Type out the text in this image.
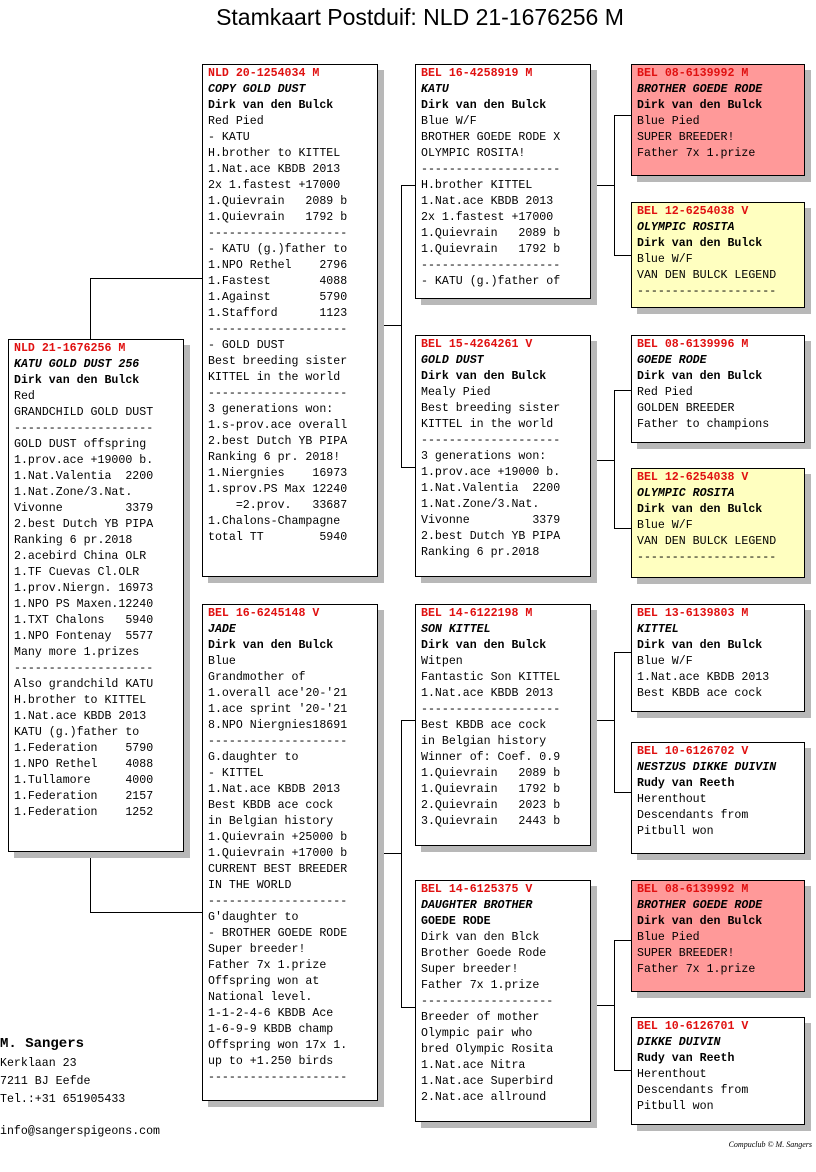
Stamkaart Postduif: NLD 21-1676256 M
NLD 21-1676256 M
KATU GOLD DUST 256
Dirk van den Bulck
Red
GRANDCHILD GOLD DUST
--------------------
GOLD DUST offspring
1.prov.ace +19000 b.
1.Nat.Valentia  2200
1.Nat.Zone/3.Nat.
Vivonne         3379
2.best Dutch YB PIPA
Ranking 6 pr.2018
2.acebird China OLR
1.TF Cuevas Cl.OLR
1.prov.Niergn. 16973
1.NPO PS Maxen.12240
1.TXT Chalons   5940
1.NPO Fontenay  5577
Many more 1.prizes
--------------------
Also grandchild KATU
H.brother to KITTEL
1.Nat.ace KBDB 2013
KATU (g.)father to
1.Federation    5790
1.NPO Rethel    4088
1.Tullamore     4000
1.Federation    2157
1.Federation    1252
NLD 20-1254034 M
COPY GOLD DUST
Dirk van den Bulck
Red Pied
- KATU
H.brother to KITTEL
1.Nat.ace KBDB 2013
2x 1.fastest +17000
1.Quievrain   2089 b
1.Quievrain   1792 b
--------------------
- KATU (g.)father to
1.NPO Rethel    2796
1.Fastest       4088
1.Against       5790
1.Stafford      1123
--------------------
- GOLD DUST
Best breeding sister
KITTEL in the world
--------------------
3 generations won:
1.s-prov.ace overall
2.best Dutch YB PIPA
Ranking 6 pr. 2018!
1.Niergnies    16973
1.sprov.PS Max 12240
=2.prov.   33687
1.Chalons-Champagne
total TT        5940
BEL 16-6245148 V
JADE
Dirk van den Bulck
Blue
Grandmother of
1.overall ace'20-'21
1.ace sprint '20-'21
8.NPO Niergnies18691
--------------------
G.daughter to
- KITTEL
1.Nat.ace KBDB 2013
Best KBDB ace cock
in Belgian history
1.Quievrain +25000 b
1.Quievrain +17000 b
CURRENT BEST BREEDER
IN THE WORLD
--------------------
G'daughter to
- BROTHER GOEDE RODE
Super breeder!
Father 7x 1.prize
Offspring won at
National level.
1-1-2-4-6 KBDB Ace
1-6-9-9 KBDB champ
Offspring won 17x 1.
up to +1.250 birds
--------------------
BEL 16-4258919 M
KATU
Dirk van den Bulck
Blue W/F
BROTHER GOEDE RODE X
OLYMPIC ROSITA!
--------------------
H.brother KITTEL
1.Nat.ace KBDB 2013
2x 1.fastest +17000
1.Quievrain   2089 b
1.Quievrain   1792 b
--------------------
- KATU (g.)father of
BEL 15-4264261 V
GOLD DUST
Dirk van den Bulck
Mealy Pied
Best breeding sister
KITTEL in the world
--------------------
3 generations won:
1.prov.ace +19000 b.
1.Nat.Valentia  2200
1.Nat.Zone/3.Nat.
Vivonne         3379
2.best Dutch YB PIPA
Ranking 6 pr.2018
BEL 14-6122198 M
SON KITTEL
Dirk van den Bulck
Witpen
Fantastic Son KITTEL
1.Nat.ace KBDB 2013
--------------------
Best KBDB ace cock
in Belgian history
Winner of: Coef. 0.9
1.Quievrain   2089 b
1.Quievrain   1792 b
2.Quievrain   2023 b
3.Quievrain   2443 b
BEL 14-6125375 V
DAUGHTER BROTHER
GOEDE RODE
Dirk van den Blck
Brother Goede Rode
Super breeder!
Father 7x 1.prize
-------------------
Breeder of mother
Olympic pair who
bred Olympic Rosita
1.Nat.ace Nitra
1.Nat.ace Superbird
2.Nat.ace allround
BEL 08-6139992 M
BROTHER GOEDE RODE
Dirk van den Bulck
Blue Pied
SUPER BREEDER!
Father 7x 1.prize
BEL 12-6254038 V
OLYMPIC ROSITA
Dirk van den Bulck
Blue W/F
VAN DEN BULCK LEGEND
--------------------
BEL 08-6139996 M
GOEDE RODE
Dirk van den Bulck
Red Pied
GOLDEN BREEDER
Father to champions
BEL 12-6254038 V
OLYMPIC ROSITA
Dirk van den Bulck
Blue W/F
VAN DEN BULCK LEGEND
--------------------
BEL 13-6139803 M
KITTEL
Dirk van den Bulck
Blue W/F
1.Nat.ace KBDB 2013
Best KBDB ace cock
BEL 10-6126702 V
NESTZUS DIKKE DUIVIN
Rudy van Reeth
Herenthout
Descendants from
Pitbull won
BEL 08-6139992 M
BROTHER GOEDE RODE
Dirk van den Bulck
Blue Pied
SUPER BREEDER!
Father 7x 1.prize
BEL 10-6126701 V
DIKKE DUIVIN
Rudy van Reeth
Herenthout
Descendants from
Pitbull won
M. Sangers
Kerklaan 23
7211 BJ Eefde
Tel.:+31 651905433
info@sangerspigeons.com
Compuclub © M. Sangers
